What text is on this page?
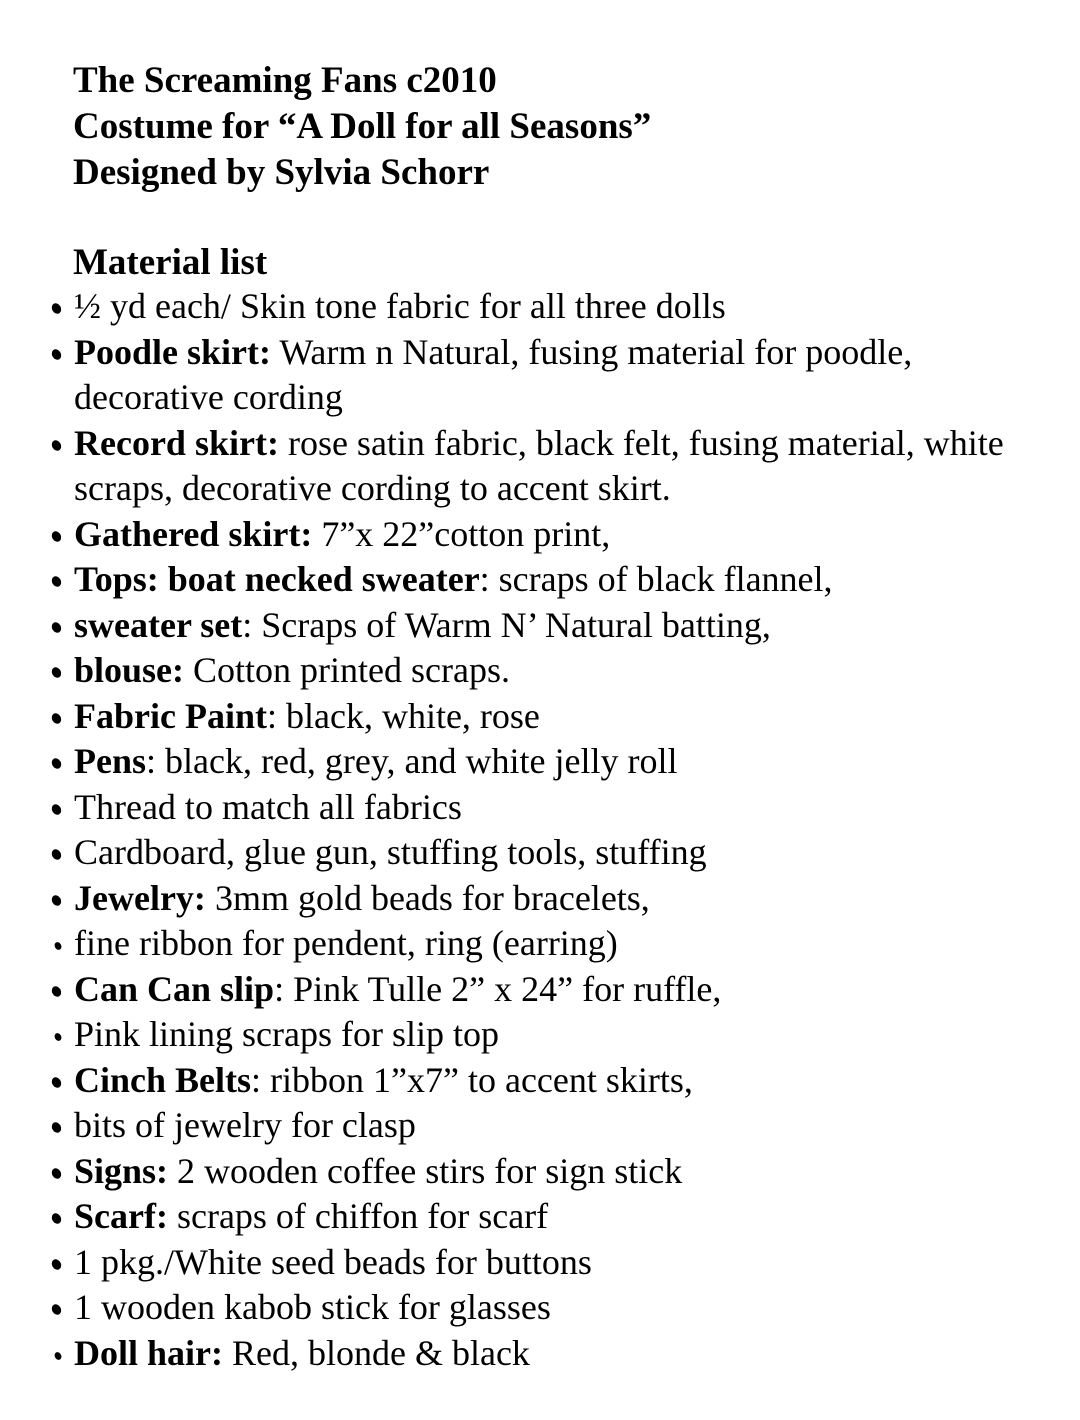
The Screaming Fans c2010
Costume for “A Doll for all Seasons”
Designed by Sylvia Schorr
Material list
½ yd each/ Skin tone fabric for all three dolls
Poodle skirt: Warm n Natural, fusing material for poodle, decorative cording
Record skirt: rose satin fabric, black felt, fusing material, white scraps, decorative cording to accent skirt.
Gathered skirt: 7”x 22”cotton print,
Tops: boat necked sweater: scraps of black flannel,
sweater set: Scraps of Warm N’ Natural batting,
blouse: Cotton printed scraps.
Fabric Paint: black, white, rose
Pens: black, red, grey, and white jelly roll
Thread to match all fabrics
Cardboard, glue gun, stuffing tools, stuffing
Jewelry: 3mm gold beads for bracelets,
fine ribbon for pendent, ring (earring)
Can Can slip: Pink Tulle 2” x 24” for ruffle,
Pink lining scraps for slip top
Cinch Belts: ribbon 1”x7” to accent skirts,
bits of jewelry for clasp
Signs: 2 wooden coffee stirs for sign stick
Scarf: scraps of chiffon for scarf
1 pkg./White seed beads for buttons
1 wooden kabob stick for glasses
Doll hair: Red, blonde & black
